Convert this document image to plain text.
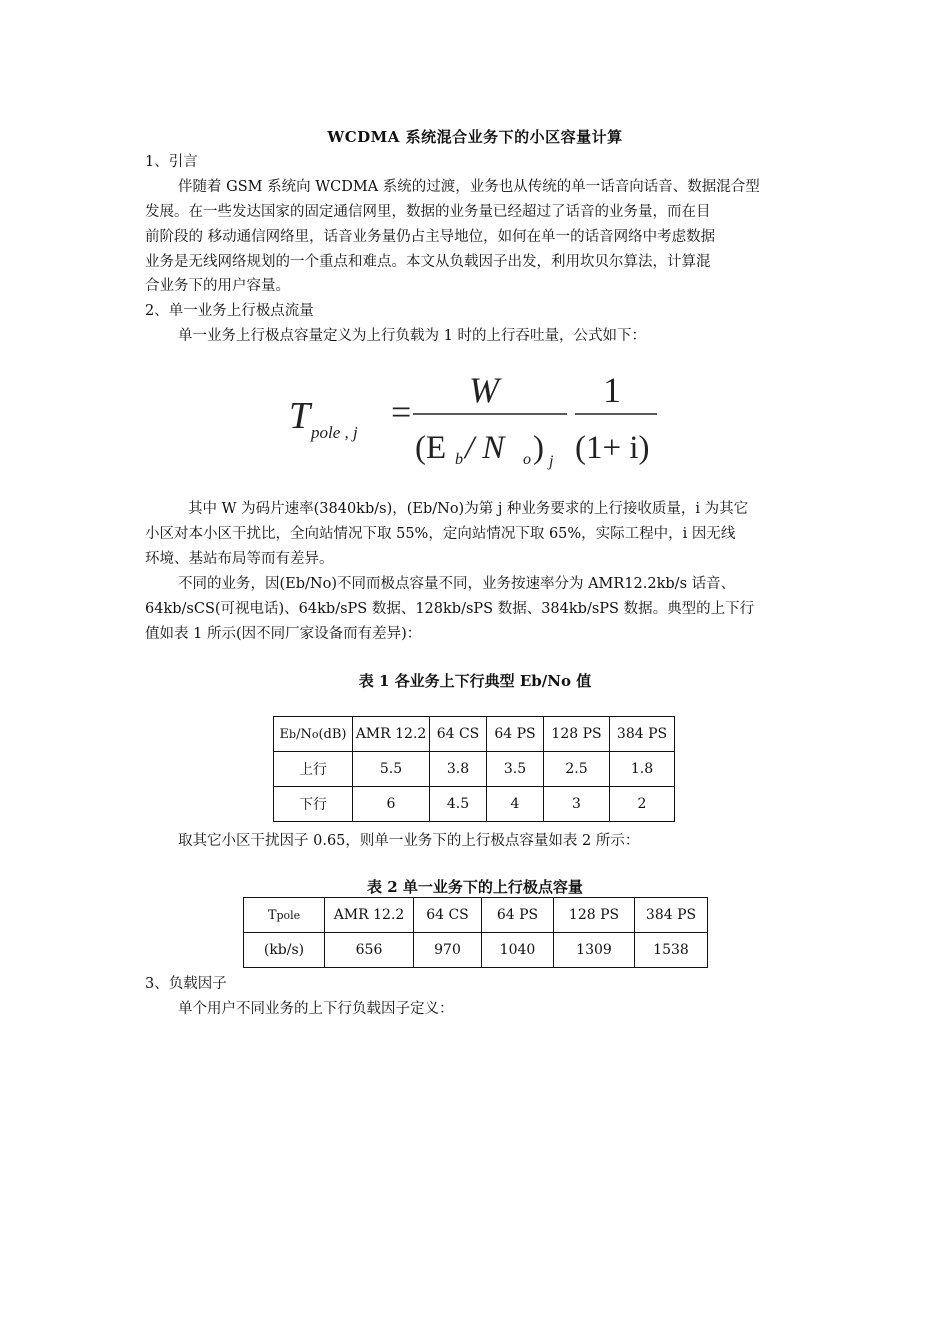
WCDMA 系统混合业务下的小区容量计算
1、引言
伴随着 GSM 系统向 WCDMA 系统的过渡，业务也从传统的单一话音向话音、数据混合型
发展。在一些发达国家的固定通信网里，数据的业务量已经超过了话音的业务量，而在目
前阶段的 移动通信网络里，话音业务量仍占主导地位，如何在单一的话音网络中考虑数据
业务是无线网络规划的一个重点和难点。本文从负载因子出发，利用坎贝尔算法，计算混
合业务下的用户容量。
2、单一业务上行极点流量
单一业务上行极点容量定义为上行负载为 1 时的上行吞吐量，公式如下：
T pole , j
=
W
(E b / N o ) j
1
(1+ i)
其中 W 为码片速率(3840kb/s)，(Eb/No)为第 j 种业务要求的上行接收质量，i 为其它
小区对本小区干扰比，全向站情况下取 55%，定向站情况下取 65%，实际工程中，i 因无线
环境、基站布局等而有差异。
不同的业务，因(Eb/No)不同而极点容量不同，业务按速率分为 AMR12.2kb/s 话音、
64kb/sCS(可视电话)、64kb/sPS 数据、128kb/sPS 数据、384kb/sPS 数据。典型的上下行
值如表 1 所示(因不同厂家设备而有差异)：
表 1 各业务上下行典型 Eb/No 值
Eb/No(dB)	AMR 12.2	64 CS	64 PS	128 PS	384 PS
上行	5.5	3.8	3.5	2.5	1.8
下行	6	4.5	4	3	2
取其它小区干扰因子 0.65，则单一业务下的上行极点容量如表 2 所示：
表 2 单一业务下的上行极点容量
Tpole	AMR 12.2	64 CS	64 PS	128 PS	384 PS
(kb/s)	656	970	1040	1309	1538
3、负载因子
单个用户不同业务的上下行负载因子定义：
